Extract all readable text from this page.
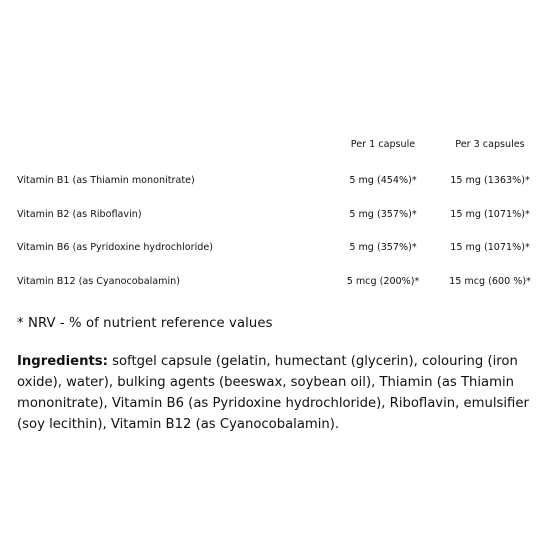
	Per 1 capsule	Per 3 capsules
Vitamin B1 (as Thiamin mononitrate)	5 mg (454%)*	15 mg (1363%)*
Vitamin B2 (as Riboflavin)	5 mg (357%)*	15 mg (1071%)*
Vitamin B6 (as Pyridoxine hydrochloride)	5 mg (357%)*	15 mg (1071%)*
Vitamin B12 (as Cyanocobalamin)	5 mcg (200%)*	15 mcg (600 %)*
* NRV - % of nutrient reference values
Ingredients: softgel capsule (gelatin, humectant (glycerin), colouring (iron oxide), water), bulking agents (beeswax, soybean oil), Thiamin (as Thiamin mononitrate), Vitamin B6 (as Pyridoxine hydrochloride), Riboflavin, emulsifier (soy lecithin), Vitamin B12 (as Cyanocobalamin).
